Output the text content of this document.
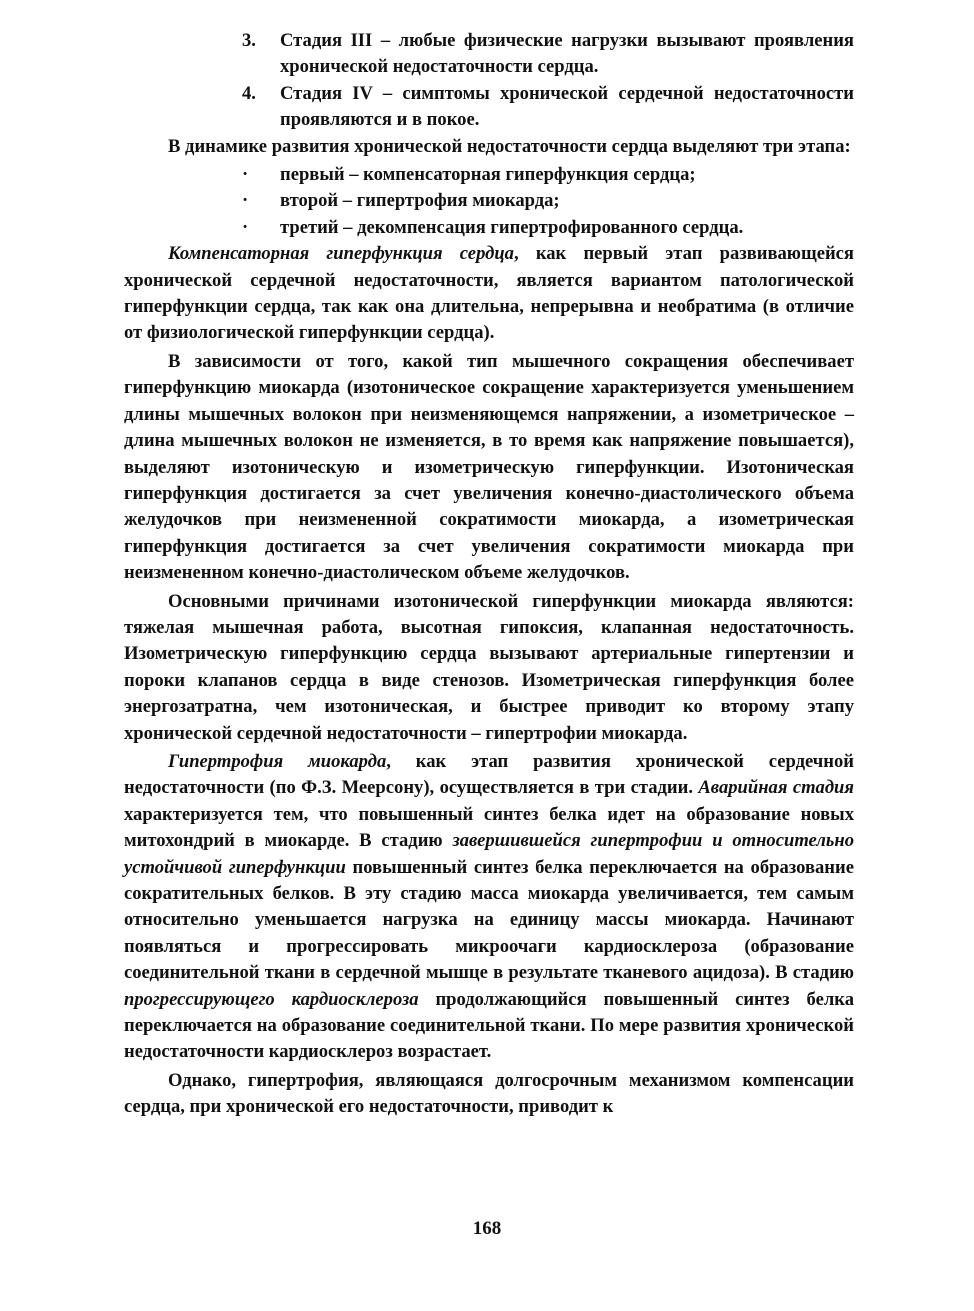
3.	Стадия III – любые физические нагрузки вызывают проявления хронической недостаточности сердца.
4.	Стадия IV – симптомы хронической сердечной недостаточности проявляются и в покое.

В динамике развития хронической недостаточности сердца выделяют три этапа:

·	первый – компенсаторная гиперфункция сердца;
·	второй – гипертрофия миокарда;
·	третий – декомпенсация гипертрофированного сердца.

Компенсаторная гиперфункция сердца, как первый этап развивающейся хронической сердечной недостаточности, является вариантом патологической гиперфункции сердца, так как она длительна, непрерывна и необратима (в отличие от физиологической гиперфункции сердца).

В зависимости от того, какой тип мышечного сокращения обеспечивает гиперфункцию миокарда (изотоническое сокращение характеризуется уменьшением длины мышечных волокон при неизменяющемся напряжении, а изометрическое – длина мышечных волокон не изменяется, в то время как напряжение повышается), выделяют изотоническую и изометрическую гиперфункции. Изотоническая гиперфункция достигается за счет увеличения конечно-диастолического объема желудочков при неизмененной сократимости миокарда, а изометрическая гиперфункция достигается за счет увеличения сократимости миокарда при неизмененном конечно-диастолическом объеме желудочков.

Основными причинами изотонической гиперфункции миокарда являются: тяжелая мышечная работа, высотная гипоксия, клапанная недостаточность. Изометрическую гиперфункцию сердца вызывают артериальные гипертензии и пороки клапанов сердца в виде стенозов. Изометрическая гиперфункция более энергозатратна, чем изотоническая, и быстрее приводит ко второму этапу хронической сердечной недостаточности – гипертрофии миокарда.

Гипертрофия миокарда, как этап развития хронической сердечной недостаточности (по Ф.З. Меерсону), осуществляется в три стадии. Аварийная стадия характеризуется тем, что повышенный синтез белка идет на образование новых митохондрий в миокарде. В стадию завершившейся гипертрофии и относительно устойчивой гиперфункции повышенный синтез белка переключается на образование сократительных белков. В эту стадию масса миокарда увеличивается, тем самым относительно уменьшается нагрузка на единицу массы миокарда. Начинают появляться и прогрессировать микроочаги кардиосклероза (образование соединительной ткани в сердечной мышце в результате тканевого ацидоза). В стадию прогрессирующего кардиосклероза продолжающийся повышенный синтез белка переключается на образование соединительной ткани. По мере развития хронической недостаточности кардиосклероз возрастает.

Однако, гипертрофия, являющаяся долгосрочным механизмом компенсации сердца, при хронической его недостаточности, приводит к

168
